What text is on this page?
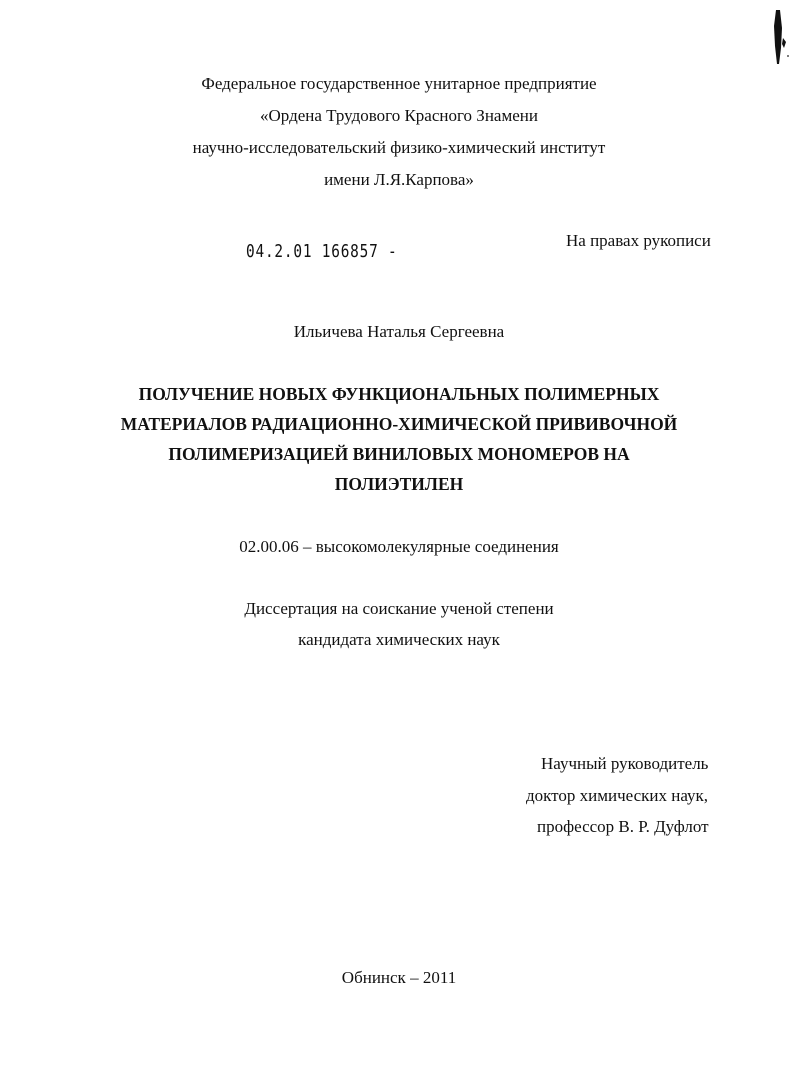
Федеральное государственное унитарное предприятие
«Ордена Трудового Красного Знамени
научно-исследовательский физико-химический институт
имени Л.Я.Карпова»
04.2.01 166857 -
На правах рукописи
Ильичева Наталья Сергеевна
ПОЛУЧЕНИЕ НОВЫХ ФУНКЦИОНАЛЬНЫХ ПОЛИМЕРНЫХ
МАТЕРИАЛОВ РАДИАЦИОННО-ХИМИЧЕСКОЙ ПРИВИВОЧНОЙ
ПОЛИМЕРИЗАЦИЕЙ ВИНИЛОВЫХ МОНОМЕРОВ НА
ПОЛИЭТИЛЕН
02.00.06 – высокомолекулярные соединения
Диссертация на соискание ученой степени
кандидата химических наук
Научный руководитель
доктор химических наук,
профессор В. Р. Дуфлот
Обнинск – 2011
